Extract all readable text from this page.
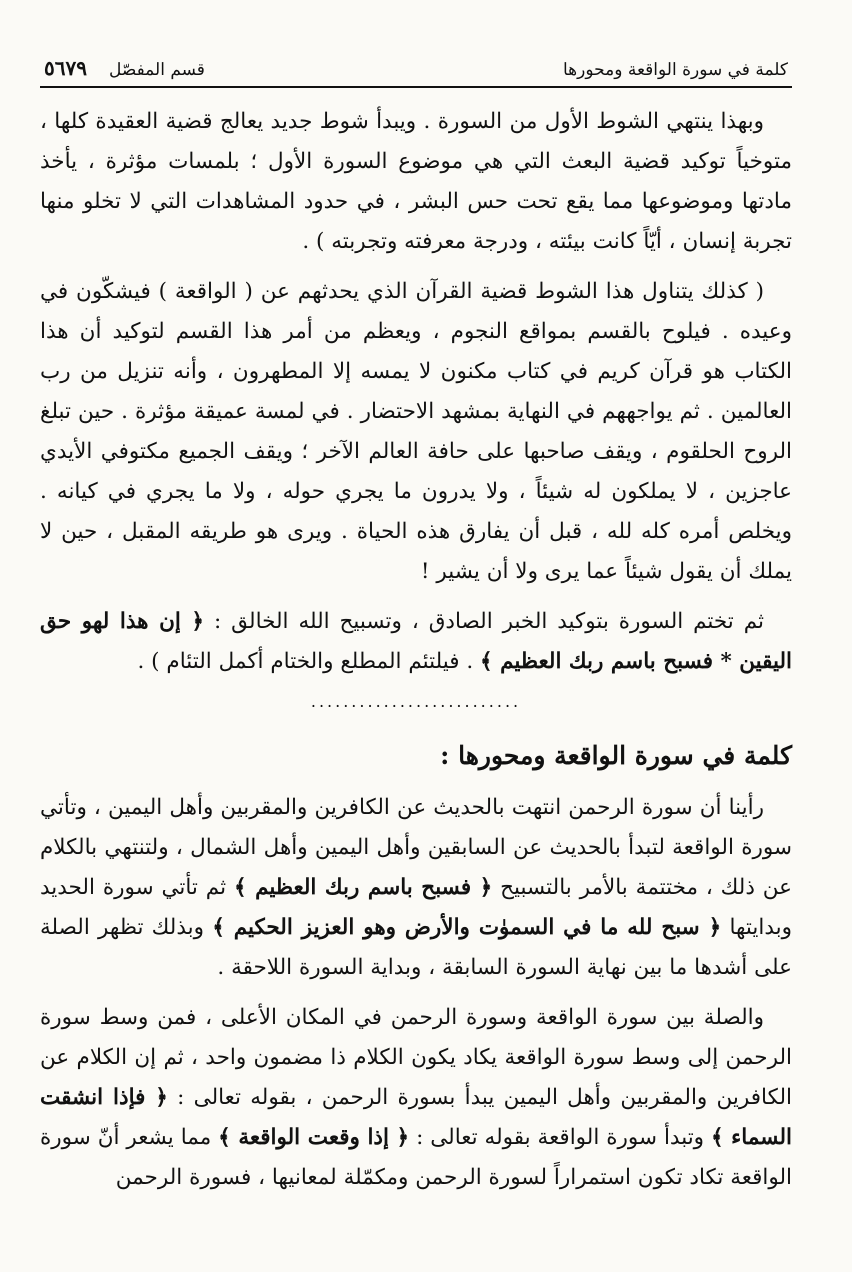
كلمة في سورة الواقعة ومحورها
قسم المفصّل
٥٦٧٩

وبهذا ينتهي الشوط الأول من السورة . ويبدأ شوط جديد يعالج قضية العقيدة كلها ، متوخياً توكيد قضية البعث التي هي موضوع السورة الأول ؛ بلمسات مؤثرة ، يأخذ مادتها وموضوعها مما يقع تحت حس البشر ، في حدود المشاهدات التي لا تخلو منها تجربة إنسان ، أيّاً كانت بيئته ، ودرجة معرفته وتجربته ) .

( كذلك يتناول هذا الشوط قضية القرآن الذي يحدثهم عن ( الواقعة ) فيشكّون في وعيده . فيلوح بالقسم بمواقع النجوم ، ويعظم من أمر هذا القسم لتوكيد أن هذا الكتاب هو قرآن كريم في كتاب مكنون لا يمسه إلا المطهرون ، وأنه تنزيل من رب العالمين . ثم يواجههم في النهاية بمشهد الاحتضار . في لمسة عميقة مؤثرة . حين تبلغ الروح الحلقوم ، ويقف صاحبها على حافة العالم الآخر ؛ ويقف الجميع مكتوفي الأيدي عاجزين ، لا يملكون له شيئاً ، ولا يدرون ما يجري حوله ، ولا ما يجري في كيانه . ويخلص أمره كله لله ، قبل أن يفارق هذه الحياة . ويرى هو طريقه المقبل ، حين لا يملك أن يقول شيئاً عما يرى ولا أن يشير !

ثم تختم السورة بتوكيد الخبر الصادق ، وتسبيح الله الخالق : ﴿ إن هذا لهو حق اليقين * فسبح باسم ربك العظيم ﴾ . فيلتئم المطلع والختام أكمل التئام ) .

..........................
كلمة في سورة الواقعة ومحورها :

رأينا أن سورة الرحمن انتهت بالحديث عن الكافرين والمقربين وأهل اليمين ، وتأتي سورة الواقعة لتبدأ بالحديث عن السابقين وأهل اليمين وأهل الشمال ، ولتنتهي بالكلام عن ذلك ، مختتمة بالأمر بالتسبيح ﴿ فسبح باسم ربك العظيم ﴾ ثم تأتي سورة الحديد وبدايتها ﴿ سبح لله ما في السموٰت والأرض وهو العزيز الحكيم ﴾ وبذلك تظهر الصلة على أشدها ما بين نهاية السورة السابقة ، وبداية السورة اللاحقة .

والصلة بين سورة الواقعة وسورة الرحمن في المكان الأعلى ، فمن وسط سورة الرحمن إلى وسط سورة الواقعة يكاد يكون الكلام ذا مضمون واحد ، ثم إن الكلام عن الكافرين والمقربين وأهل اليمين يبدأ بسورة الرحمن ، بقوله تعالى : ﴿ فإذا انشقت السماء ﴾ وتبدأ سورة الواقعة بقوله تعالى : ﴿ إذا وقعت الواقعة ﴾ مما يشعر أنّ سورة الواقعة تكاد تكون استمراراً لسورة الرحمن ومكمّلة لمعانيها ، فسورة الرحمن
